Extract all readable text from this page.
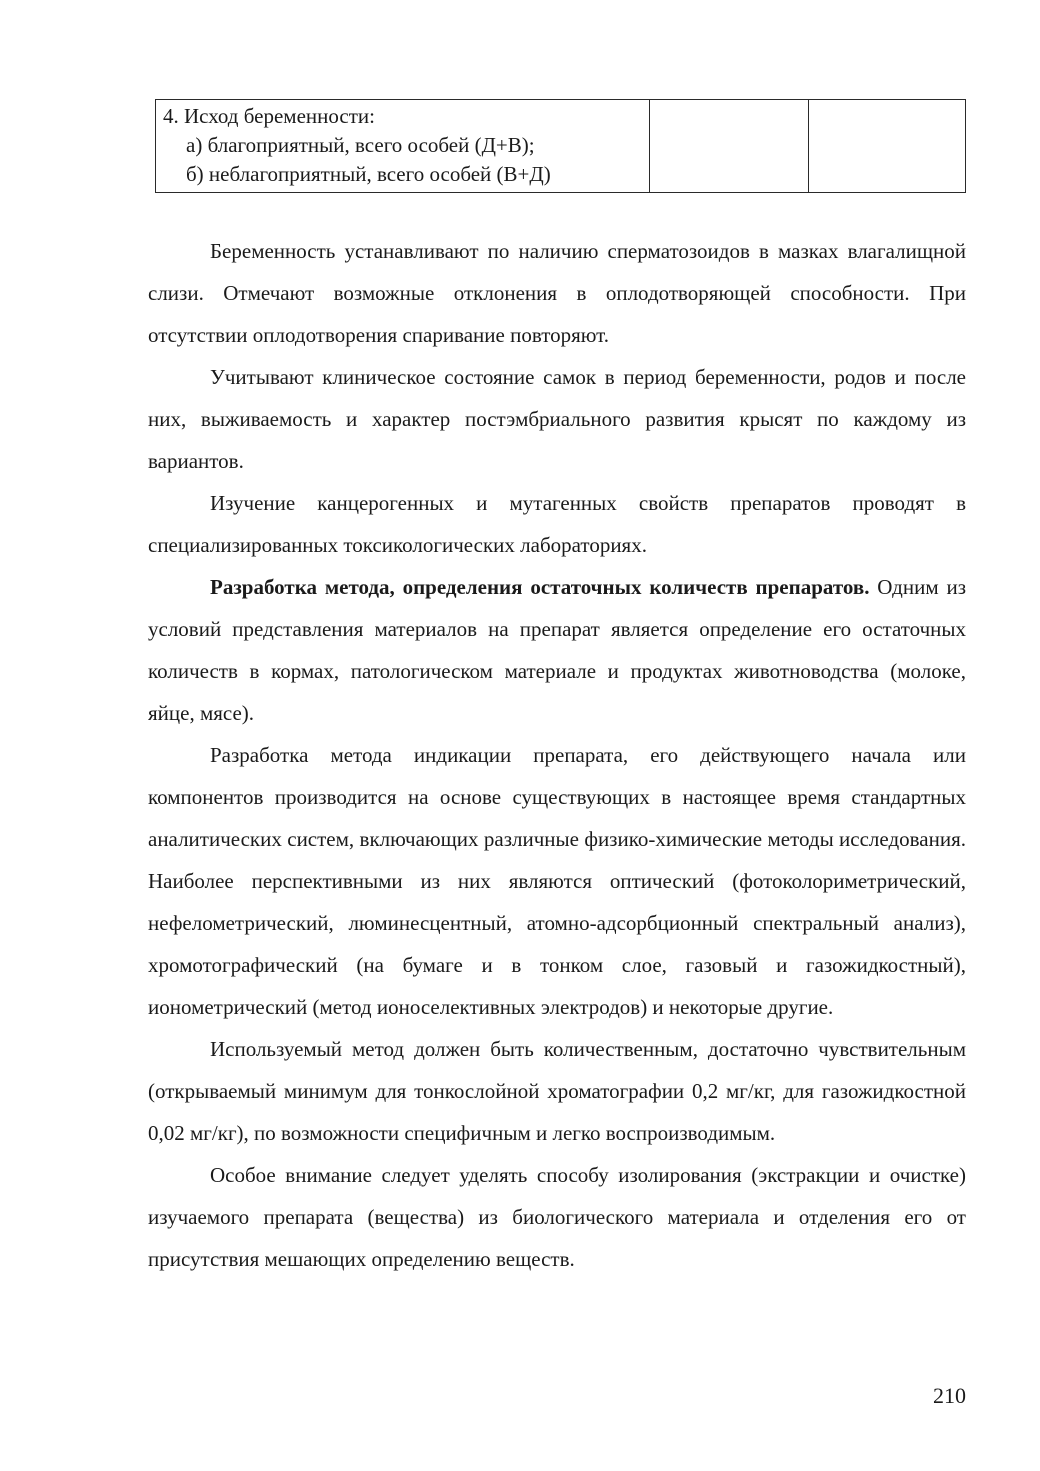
4. Исход беременности:
а) благоприятный, всего особей (Д+В);
б) неблагоприятный, всего особей (В+Д)

Беременность устанавливают по наличию сперматозоидов в мазках влагалищной слизи. Отмечают возможные отклонения в оплодотворяющей способности. При отсутствии оплодотворения спаривание повторяют.

Учитывают клиническое состояние самок в период беременности, родов и после них, выживаемость и характер постэмбриального развития крысят по каждому из вариантов.

Изучение канцерогенных и мутагенных свойств препаратов проводят в специализированных токсикологических лабораториях.

Разработка метода, определения остаточных количеств препаратов. Одним из условий представления материалов на препарат является определение его остаточных количеств в кормах, патологическом материале и продуктах животноводства (молоке, яйце, мясе).

Разработка метода индикации препарата, его действующего начала или компонентов производится на основе существующих в настоящее время стандартных аналитических систем, включающих различные физико-химические методы исследования. Наиболее перспективными из них являются оптический (фотоколориметрический, нефелометрический, люминесцентный, атомно-адсорбционный спектральный анализ), хромотографический (на бумаге и в тонком слое, газовый и газожидкостный), ионометрический (метод ионоселективных электродов) и некоторые другие.

Используемый метод должен быть количественным, достаточно чувствительным (открываемый минимум для тонкослойной хроматографии 0,2 мг/кг, для газожидкостной 0,02 мг/кг), по возможности специфичным и легко воспроизводимым.

Особое внимание следует уделять способу изолирования (экстракции и очистке) изучаемого препарата (вещества) из биологического материала и отделения его от присутствия мешающих определению веществ.

210
